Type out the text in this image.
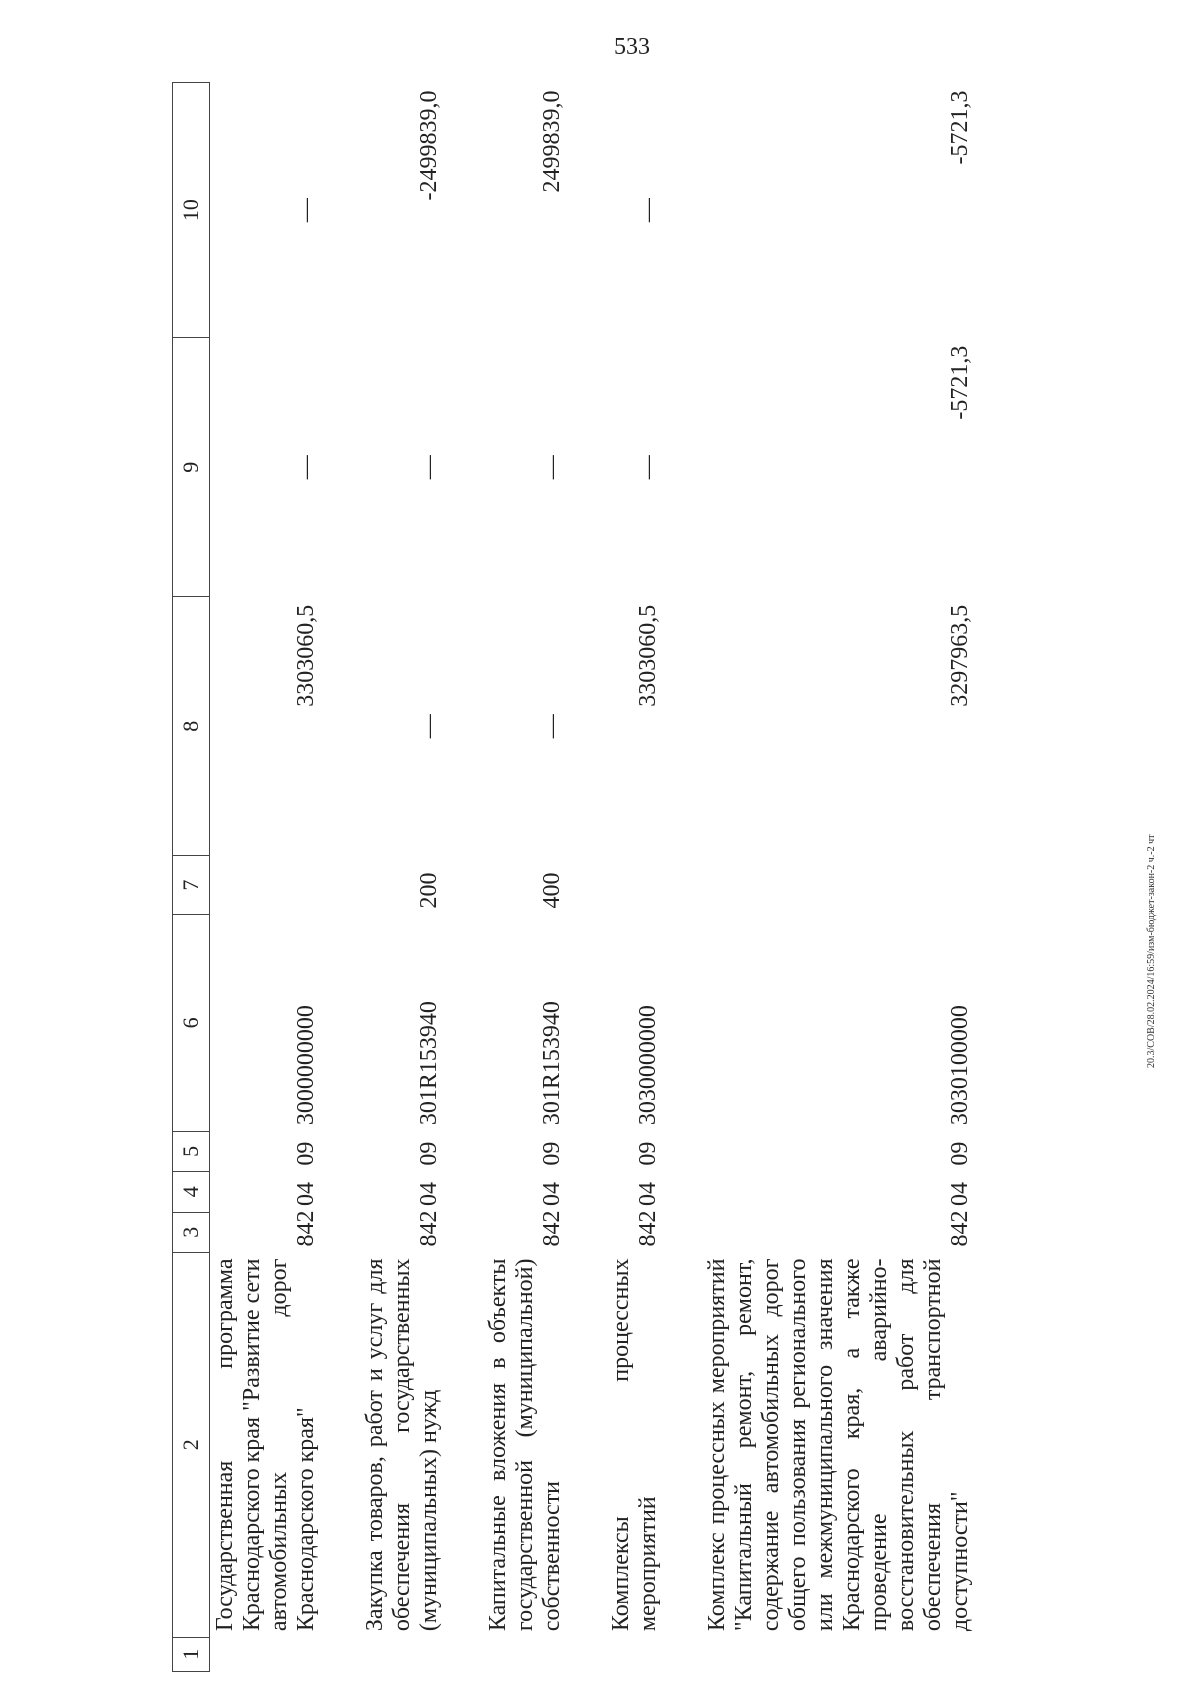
533
1	2	3	4	5	6	7	8	9	10
	Государственная программа Краснодарского края "Развитие сети автомобильных дорог Краснодарского края"	842	04	09	3000000000		3303060,5	—	—

	Закупка товаров, работ и услуг для обеспечения государственных (муниципальных) нужд	842	04	09	301R153940	200	—	—	-2499839,0

	Капитальные вложения в объекты государственной (муниципальной) собственности	842	04	09	301R153940	400	—	—	2499839,0

	Комплексы процессных мероприятий	842	04	09	3030000000		3303060,5	—	—

	Комплекс процессных мероприятий "Капитальный ремонт, ремонт, содержание автомобильных дорог общего пользования регионального или межмуниципального значения Краснодарского края, а также проведение аварийно-восстановительных работ для обеспечения транспортной доступности"	842	04	09	3030100000		3297963,5	-5721,3	-5721,3
20.3/СОВ/28.02.2024/16:59/изм-бюджет-закон-2 ч.-2 чт
